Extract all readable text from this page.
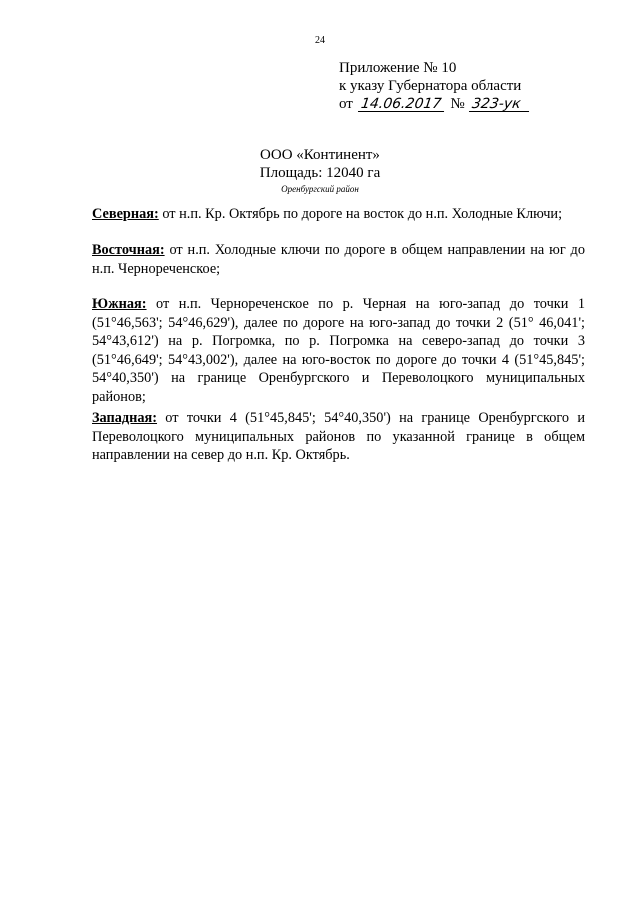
24
Приложение № 10
к указу Губернатора области
от 14.06.2017 № 323-ук
ООО «Континент»
Площадь: 12040 га
Оренбургский район
Северная: от н.п. Кр. Октябрь по дороге на восток до н.п. Холодные Ключи;
Восточная: от н.п. Холодные ключи по дороге в общем направлении на юг до н.п. Чернореченское;
Южная: от н.п. Чернореченское по р. Черная на юго-запад до точки 1 (51°46,563'; 54°46,629'), далее по дороге на юго-запад до точки 2 (51° 46,041'; 54°43,612') на р. Погромка, по р. Погромка на северо-запад до точки 3 (51°46,649'; 54°43,002'), далее на юго-восток по дороге до точки 4 (51°45,845'; 54°40,350') на границе Оренбургского и Переволоцкого муниципальных районов;
Западная: от точки 4 (51°45,845'; 54°40,350') на границе Оренбургского и Переволоцкого муниципальных районов по указанной границе в общем направлении на север до н.п. Кр. Октябрь.
